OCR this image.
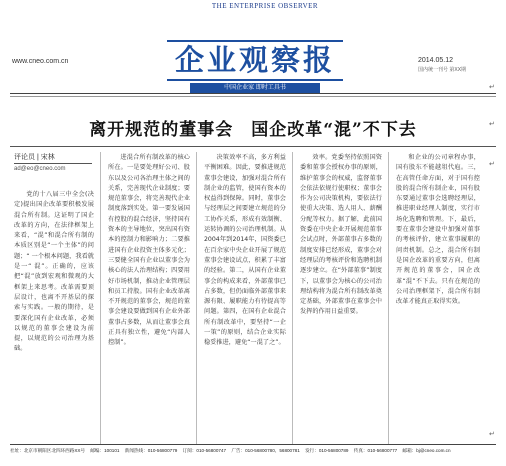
THE ENTERPRISE OBSERVER
企业观察报
www.cneo.com.cn	2014.05.12
国内统一刊号 第XX期
中国企业家 即时工具书	↵
离开规范的董事会　国企改革“混”不下去	↵
评论员 | 宋林
ad@eo@cneo.com

党的十八届三中全会(决定)提出国企改革要积极发展混合所有制。这证明了国企改革的方向，在法律框架上来看，“混”和混合所有制的本质区别是“一个主体”的问题；“ 一个根本问题，我看就是一“ 混”。正确的，应该把“混”放到宏观和微观的大框架上来思考。改革需要顶层设计，也离不开基层的探索与实践。一般的期待，是要深化国有企业改革，必须以规范的董事会建设为前提，以规范的公司治理为基础。

进混合所有制改革的核心所在。一是要处理好公司、股东以及公司各治理主体之间的关系，完善现代企业制度；要规范董事会，将完善现代企业制度落到实处。第一要发展国有控股的混合经济，坚持国有资本的主导地位，突出国有资本的控制力和影响力；二要推进国有企业投资主体多元化；三要健全国有企业以董事会为核心的法人治理结构；四要用好市场机制，推动企业管理层和员工持股。国有企业改革离不开规范的董事会，规范的董事会建设要做到国有企业外部董事占多数，从而让董事会真正具有独立性，避免“内部人控制”。

决策效率不高，多方利益平衡困难。因此，要推进规范董事会建设，加强对混合所有制企业的监管，使国有资本的权益得到保障。同时，董事会与经理层之间要建立规范的分工协作关系，形成有效制衡、运转协调的公司治理机制。从2004年到2014年，国资委已在百余家中央企业开展了规范董事会建设试点，积累了丰富的经验。第二，从国有企业董事会的构成来看，外部董事已占多数，但仍面临外部董事来源有限、履职能力有待提高等问题。第四，在国有企业混合所有制改革中，要坚持“一企一策”的原则，结合企业实际稳妥推进，避免“一混了之”。

效率。党委坚持依照国资委和董事会授权办事的原则，维护董事会的权威，监督董事会依法依规行使职权；董事会作为公司决策机构，要依法行使重大决策、选人用人、薪酬分配等权力。据了解，此前国资委在中央企业开展规范董事会试点时，外部董事占多数的制度安排已经形成，董事会对经理层的考核评价和选聘机制逐步建立。在“外部董事”制度下，以董事会为核心的公司治理结构将为混合所有制改革奠定基础，外部董事在董事会中发挥的作用日益重要。

和企业的公司章程办事，国有股东不能越俎代庖。三，在高管任命方面，对于国有控股的混合所有制企业，国有股东要通过董事会选聘经理层，推进职业经理人制度，实行市场化选聘和管理。下，最后，要在董事会建设中加强对董事的考核评价，建立董事履职的问责机制。总之，混合所有制是国企改革的重要方向，但离开规范的董事会，国企改革“混”不下去。只有在规范的公司治理框架下，混合所有制改革才能真正取得实效。

↵
↵
社址：北京市朝阳区北四环西路XX号 邮编：100101 新闻热线：010-56800779 订阅：010-56800747 广告：010-56800780、56800781 发行：010-56800789 传真：010-56800777 邮箱：bj@cneo.com.cn
